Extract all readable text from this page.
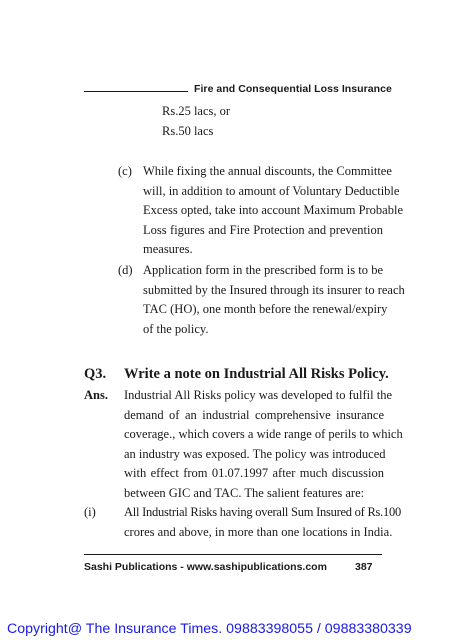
Fire and Consequential Loss Insurance
Rs.25 lacs, or
Rs.50 lacs
(c) While fixing the annual discounts, the Committee
will, in addition to amount of Voluntary Deductible
Excess opted, take into account Maximum Probable
Loss figures and Fire Protection and prevention
measures.
(d) Application form in the prescribed form is to be
submitted by the Insured through its insurer to reach
TAC (HO), one month before the renewal/expiry
of the policy.
Q3. Write a note on Industrial All Risks Policy.
Ans. Industrial All Risks policy was developed to fulfil the
demand of an industrial comprehensive insurance
coverage., which covers a wide range of perils to which
an industry was exposed. The policy was introduced
with effect from 01.07.1997 after much discussion
between GIC and TAC. The salient features are:
(i) All Industrial Risks having overall Sum Insured of Rs.100
crores and above, in more than one locations in India.
Sashi Publications - www.sashipublications.com	387
Copyright@ The Insurance Times. 09883398055 / 09883380339
